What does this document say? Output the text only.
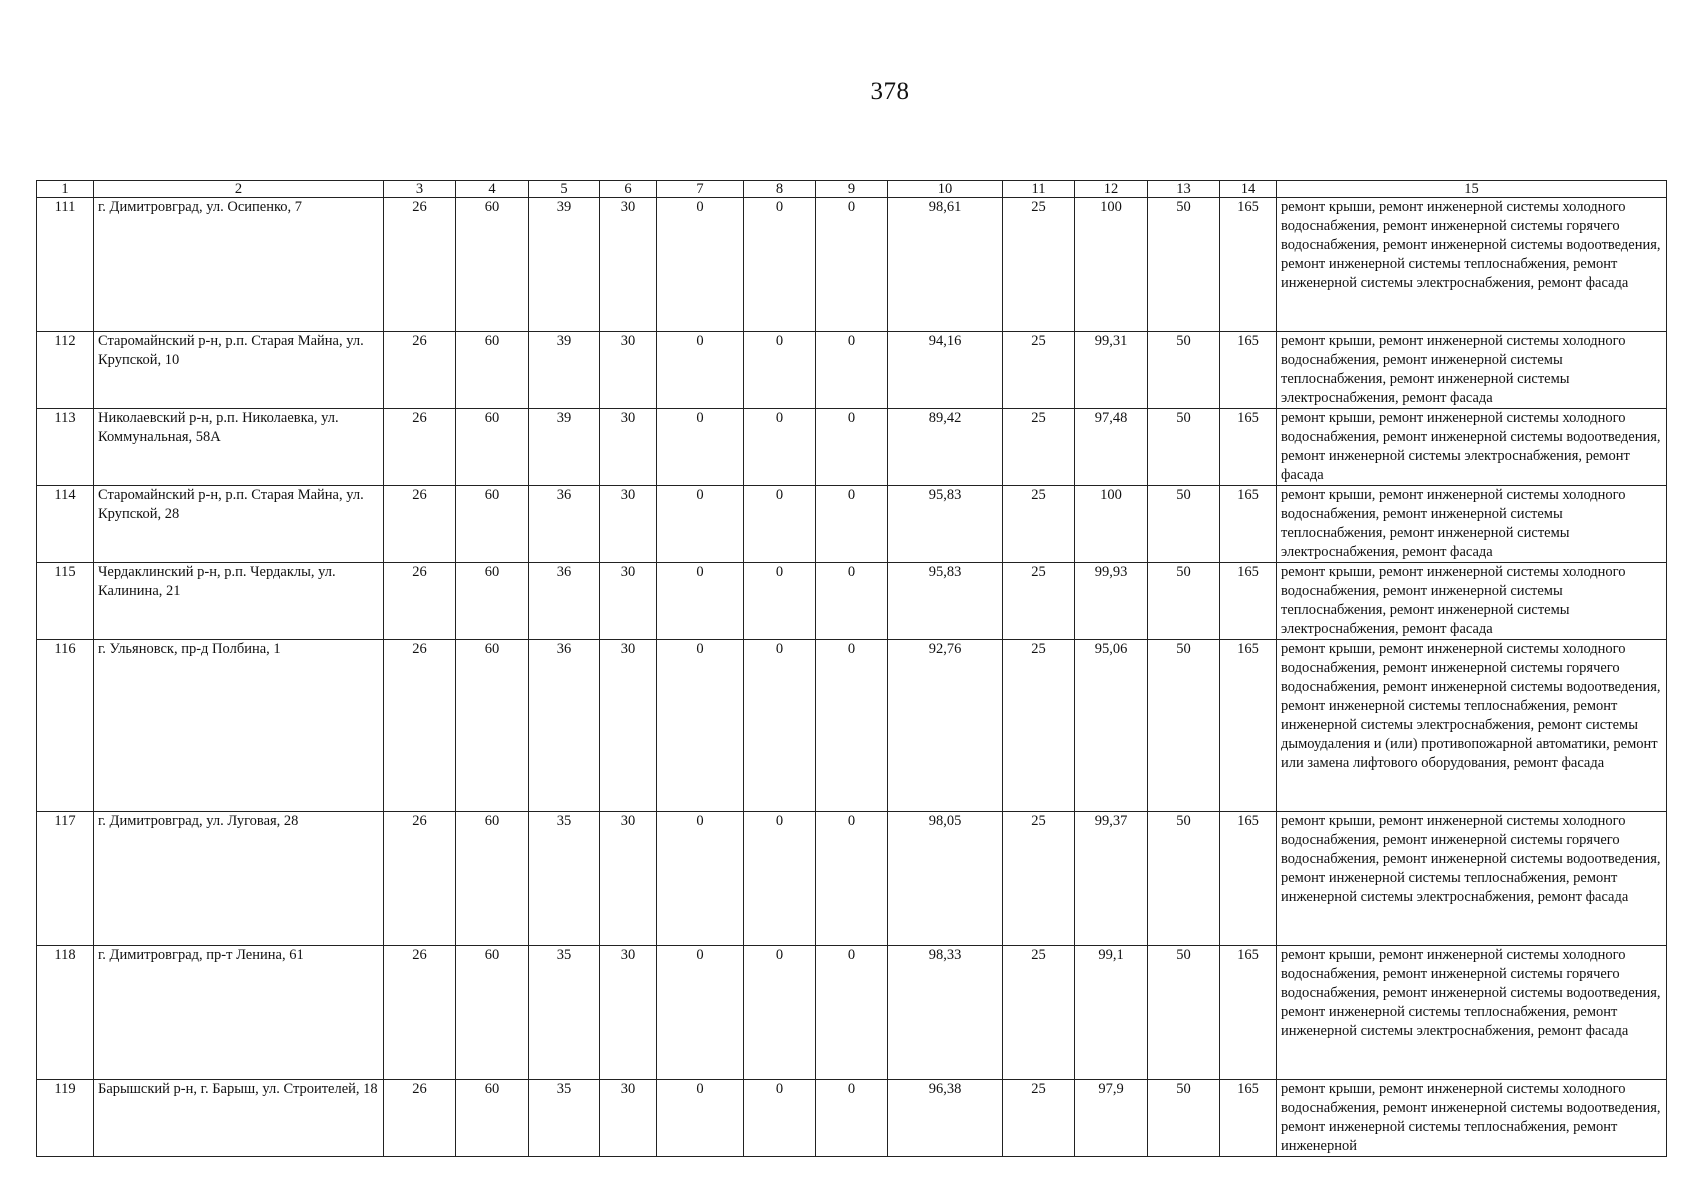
378
1	2	3	4	5	6	7	8	9	10	11	12	13	14	15
111	г. Димитровград, ул. Осипенко, 7	26	60	39	30	0	0	0	98,61	25	100	50	165	ремонт крыши, ремонт инженерной системы холодного водоснабжения, ремонт инженерной системы горячего водоснабжения, ремонт инженерной системы водоотведения, ремонт инженерной системы теплоснабжения, ремонт инженерной системы электроснабжения, ремонт фасада
112	Старомайнский р-н, р.п. Старая Майна, ул. Крупской, 10	26	60	39	30	0	0	0	94,16	25	99,31	50	165	ремонт крыши, ремонт инженерной системы холодного водоснабжения, ремонт инженерной системы теплоснабжения, ремонт инженерной системы электроснабжения, ремонт фасада
113	Николаевский р-н, р.п. Николаевка, ул. Коммунальная, 58А	26	60	39	30	0	0	0	89,42	25	97,48	50	165	ремонт крыши, ремонт инженерной системы холодного водоснабжения, ремонт инженерной системы водоотведения, ремонт инженерной системы электроснабжения, ремонт фасада
114	Старомайнский р-н, р.п. Старая Майна, ул. Крупской, 28	26	60	36	30	0	0	0	95,83	25	100	50	165	ремонт крыши, ремонт инженерной системы холодного водоснабжения, ремонт инженерной системы теплоснабжения, ремонт инженерной системы электроснабжения, ремонт фасада
115	Чердаклинский р-н, р.п. Чердаклы, ул. Калинина, 21	26	60	36	30	0	0	0	95,83	25	99,93	50	165	ремонт крыши, ремонт инженерной системы холодного водоснабжения, ремонт инженерной системы теплоснабжения, ремонт инженерной системы электроснабжения, ремонт фасада
116	г. Ульяновск, пр-д Полбина, 1	26	60	36	30	0	0	0	92,76	25	95,06	50	165	ремонт крыши, ремонт инженерной системы холодного водоснабжения, ремонт инженерной системы горячего водоснабжения, ремонт инженерной системы водоотведения, ремонт инженерной системы теплоснабжения, ремонт инженерной системы электроснабжения, ремонт системы дымоудаления и (или) противопожарной автоматики, ремонт или замена лифтового оборудования, ремонт фасада
117	г. Димитровград, ул. Луговая, 28	26	60	35	30	0	0	0	98,05	25	99,37	50	165	ремонт крыши, ремонт инженерной системы холодного водоснабжения, ремонт инженерной системы горячего водоснабжения, ремонт инженерной системы водоотведения, ремонт инженерной системы теплоснабжения, ремонт инженерной системы электроснабжения, ремонт фасада
118	г. Димитровград, пр-т Ленина, 61	26	60	35	30	0	0	0	98,33	25	99,1	50	165	ремонт крыши, ремонт инженерной системы холодного водоснабжения, ремонт инженерной системы горячего водоснабжения, ремонт инженерной системы водоотведения, ремонт инженерной системы теплоснабжения, ремонт инженерной системы электроснабжения, ремонт фасада
119	Барышский р-н, г. Барыш, ул. Строителей, 18	26	60	35	30	0	0	0	96,38	25	97,9	50	165	ремонт крыши, ремонт инженерной системы холодного водоснабжения, ремонт инженерной системы водоотведения, ремонт инженерной системы теплоснабжения, ремонт инженерной
